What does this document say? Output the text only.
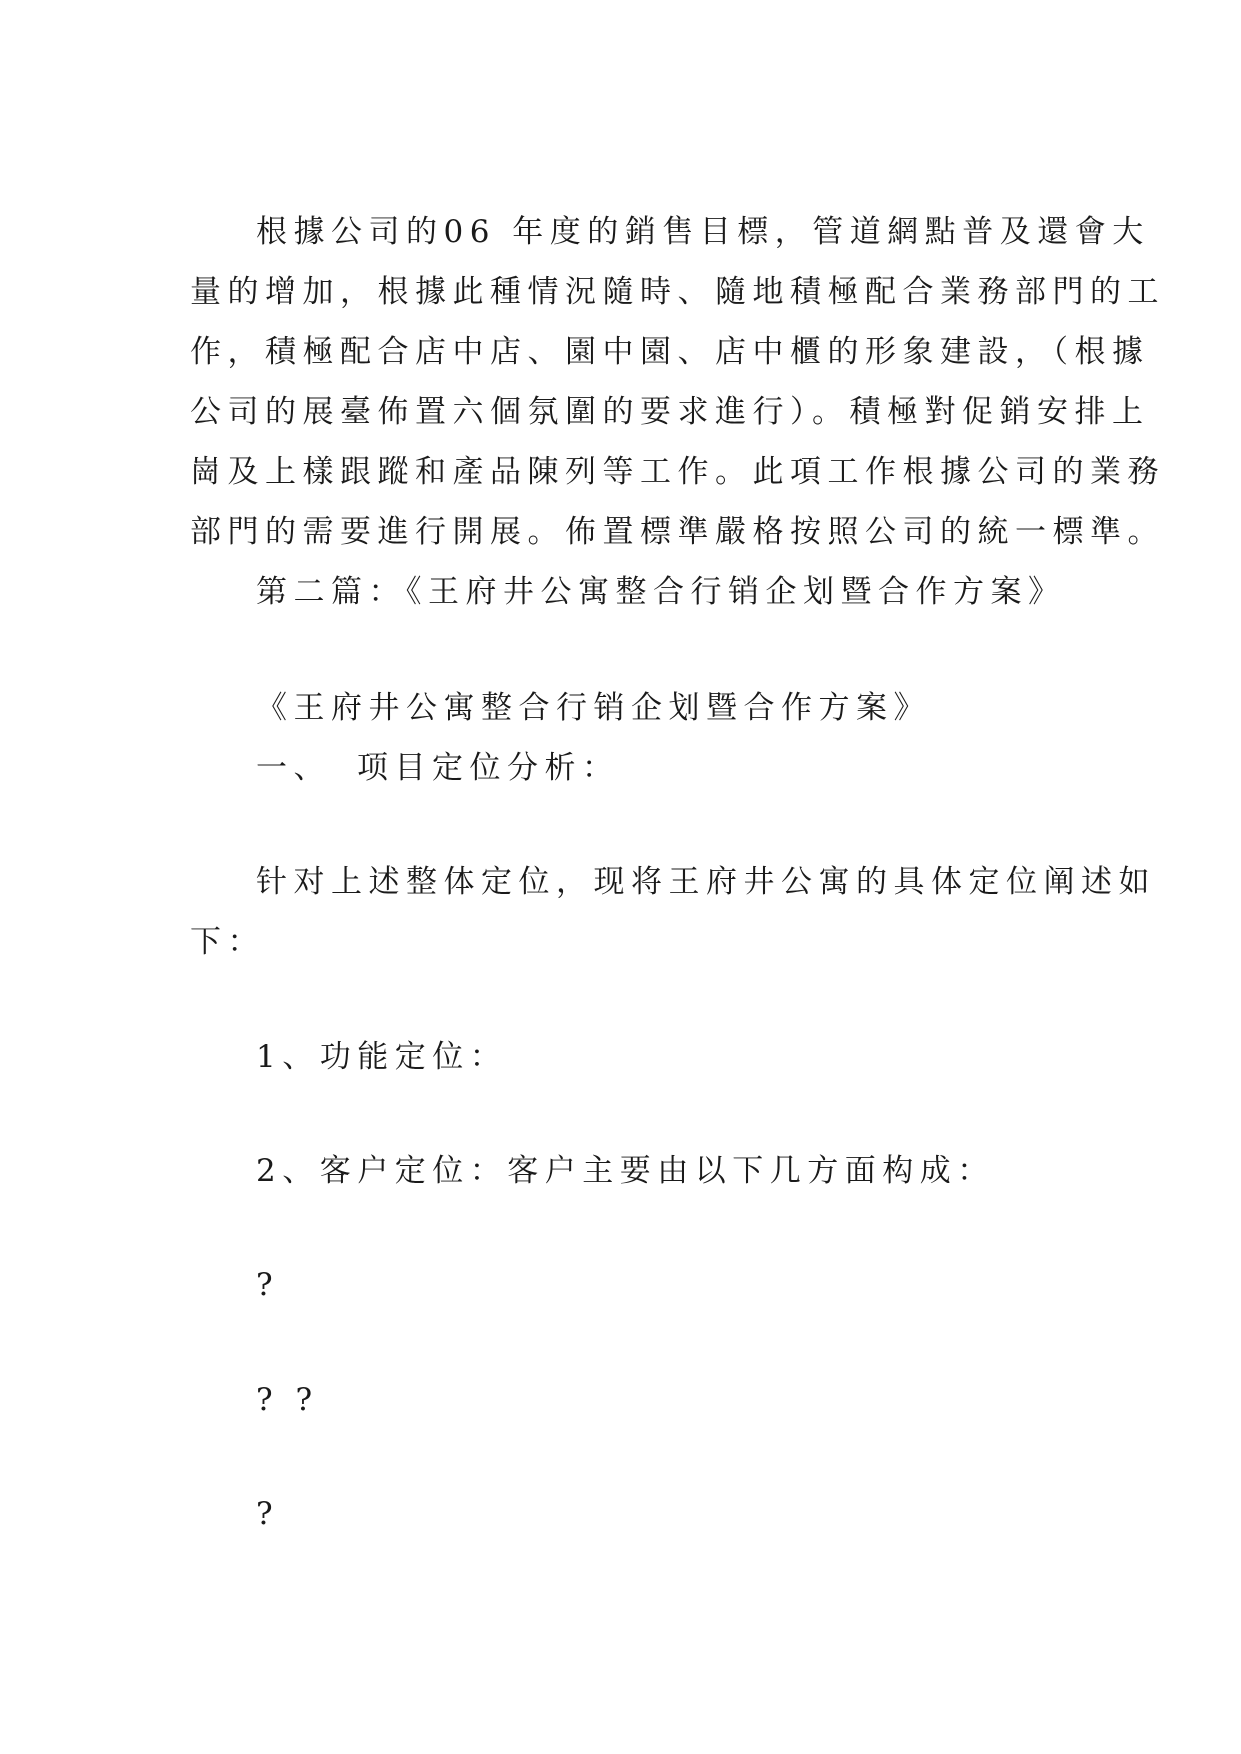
根據公司的06 年度的銷售目標，管道網點普及還會大
量的增加，根據此種情況隨時、隨地積極配合業務部門的工
作，積極配合店中店、園中園、店中櫃的形象建設，（根據
公司的展臺佈置六個氛圍的要求進行）。積極對促銷安排上
崗及上樣跟蹤和產品陳列等工作。此項工作根據公司的業務
部門的需要進行開展。佈置標準嚴格按照公司的統一標準。
第二篇：《王府井公寓整合行销企划暨合作方案》
《王府井公寓整合行销企划暨合作方案》
一、 项目定位分析：
针对上述整体定位，现将王府井公寓的具体定位阐述如
下：
1、功能定位：
2、客户定位：客户主要由以下几方面构成：
?
? ?
?
